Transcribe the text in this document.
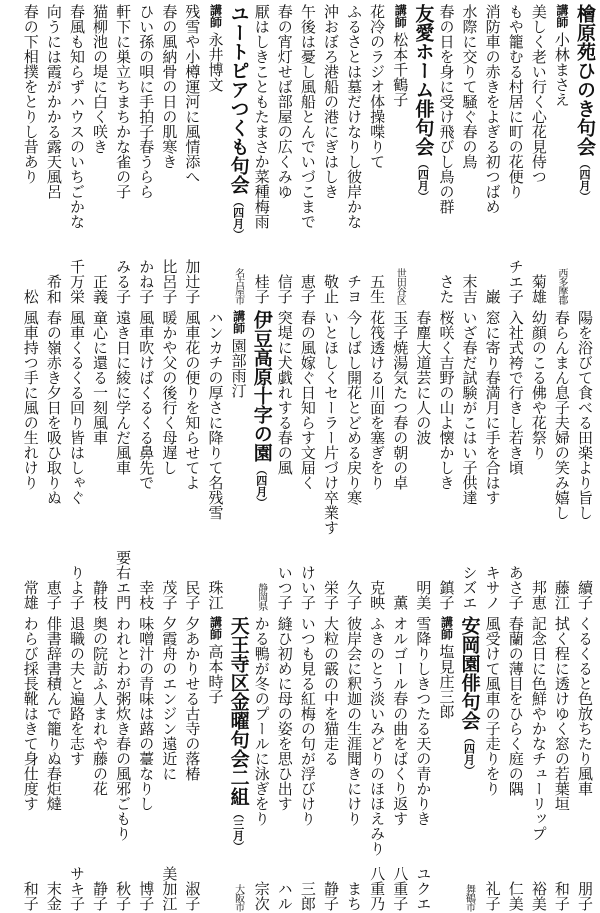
檜原苑ひのき句会
（四月）
講師
小林まさえ
西多摩郡
美しく老い行く心花見侍つ
菊雄
もや籠むる村居に町の花便り
チエ子
消防車の赤きをよぎる初つばめ
巌
水際に交りて騒ぐ春の鳥
末吉
春の日を身に受け飛びし鳥の群
さた
友愛ホーム俳句会
（四月）
講師
松本千鶴子
世田谷区
花冷のラジオ体操喋りて
五生
ふるさとは墓だけなりし彼岸かな
チヨ
沖おぼろ港船の港にぎはしき
敬止
午後は憂し風船とんでいづこまで
恵子
春の宵灯せば部屋の広くみゆ
信子
厭はしきこともたまさか菜種梅雨
桂子
ユートピアつくも句会
（四月）
名古屋市
講師
永井博文
残雪や小樽運河に風情添へ
加辻子
春の風納骨の日の肌寒き
比呂子
ひい孫の唄に手拍子春うらら
かね子
軒下に巣立ちまちかな雀の子
みる子
猫柳池の堤に白く咲き
正義
春風も知らずハウスのいちごかな
千万栄
向うには霞がかかる露天風呂
希和
春の下相撲をとりし昔あり
松
陽を浴びて食べる田楽より旨し
續子
春らんまん息子夫婦の笑み嬉し
藤江
幼顔のこる佛や花祭り
邦恵
入社式袴で行きし若き頃
あさ子
窓に寄り春満月に手を合はす
キサノ
いざ春だ試験がこはい子供達
シズエ
桜咲く吉野の山よ懐かしき
鎮子
春塵大道芸に人の波
明美
玉子焼湯気たつ春の朝の卓
薫
花筏透ける川面を塞ぎをり
克映
今しばし開花とどめる戻り寒
久子
いとほしくセーラー片づけ卒業す
栄子
春の風嫁ぐ日知らす文届く
けい子
突堤に犬戯れする春の風
いつ子
伊豆高原十字の園
（四月）
静岡県
講師
園部雨汀
ハンカチの厚さに降りて名残雪
珠江
風車花の便りを知らせてよ
民子
暖かや父の後行く母遅し
茂子
風車吹けばくるくる鼻先で
幸枝
遠き日に綾に学んだ風車
要右エ門
童心に還る一刻風車
静枝
風車くるくる回り皆はしゃぐ
りよ子
春の嶺赤き夕日を吸ひ取りぬ
恵子
風車持つ手に風の生れけり
常雄
くるくると色放ちたり風車
朋子
拭く程に透けゆく窓の若葉垣
和子
記念日に色鮮やかなチューリップ
裕美
春蘭の薄目をひらく庭の隅
仁美
風受けて風車の子走りをり
礼子
安岡園俳句会
（四月）
舞鶴市
講師
塩見庄三郎
雪降りしきつたる天の青かりき
ユクエ
オルゴール春の曲をばくり返す
八重子
ふきのとう淡いみどりのほほえみり
八重乃
彼岸会に釈迦の生涯聞きにけり
まち
大粒の霰の中を猫走る
静子
いつも見る紅梅の句が浮びけり
三郎
縫ひ初めに母の姿を思ひ出す
ハル
かる鴨が冬のプールに泳ぎをり
宗次
天王寺区金曜句会二組
（三月）
大阪市
講師
高本時子
夕あかりせる古寺の落椿
淑子
夕霞舟のエンジン遠近に
美加江
味噌汁の青味は蕗の薹なりし
博子
われとわが粥炊き春の風邪ごもり
秋子
奥の院訪ふ人まれや藤の花
静子
退職の夫と遍路を志す
サキ子
俳書辞書積んで籠りぬ春炬燵
末金
わらび採長靴はきて身仕度す
和子
